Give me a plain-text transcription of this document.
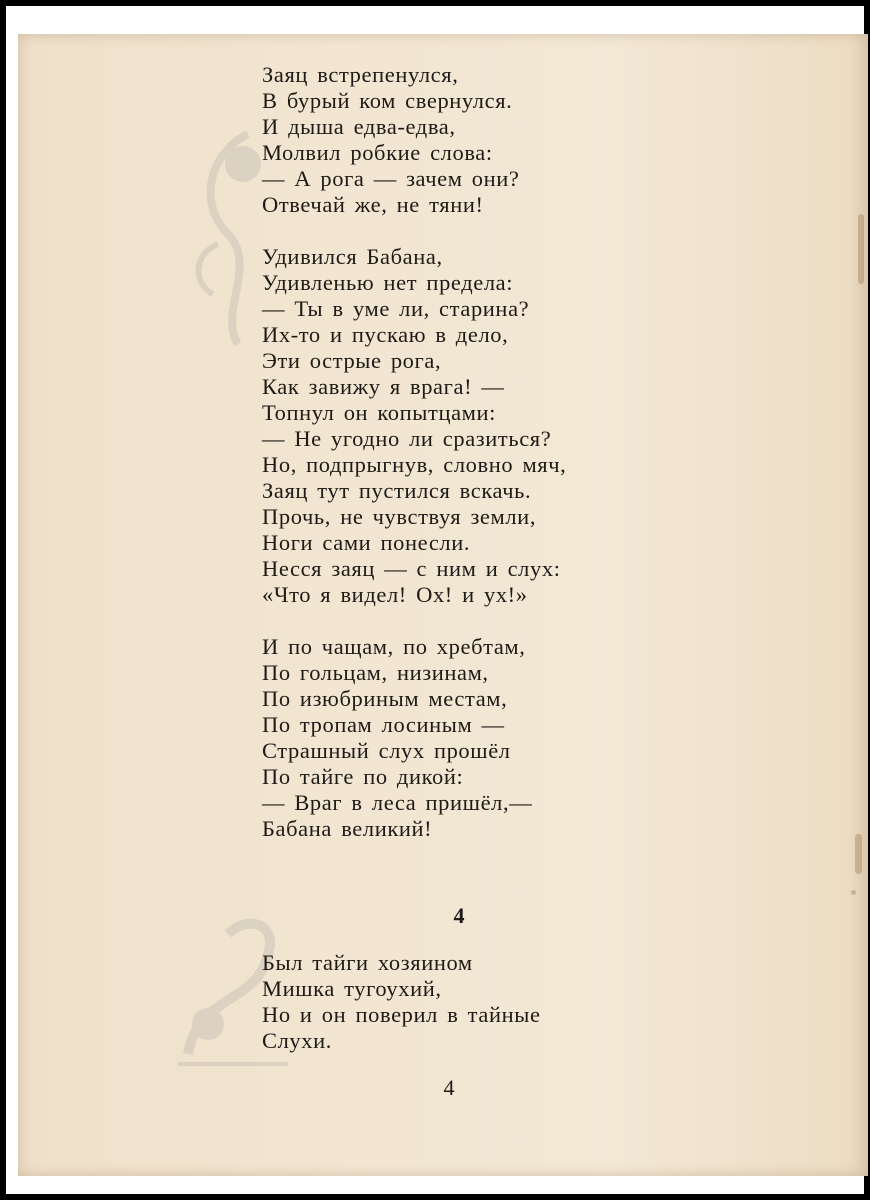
Заяц встрепенулся,
В бурый ком свернулся.
И дыша едва-едва,
Молвил робкие слова:
— А рога — зачем они?
Отвечай же, не тяни!
Удивился Бабана,
Удивленью нет предела:
— Ты в уме ли, старина?
Их-то и пускаю в дело,
Эти острые рога,
Как завижу я врага! —
Топнул он копытцами:
— Не угодно ли сразиться?
Но, подпрыгнув, словно мяч,
Заяц тут пустился вскачь.
Прочь, не чувствуя земли,
Ноги сами понесли.
Несся заяц — с ним и слух:
«Что я видел! Ох! и ух!»
И по чащам, по хребтам,
По гольцам, низинам,
По изюбриным местам,
По тропам лосиным —
Страшный слух прошёл
По тайге по дикой:
— Враг в леса пришёл,—
Бабана великий!
4
Был тайги хозяином
Мишка тугоухий,
Но и он поверил в тайные
Слухи.
4
